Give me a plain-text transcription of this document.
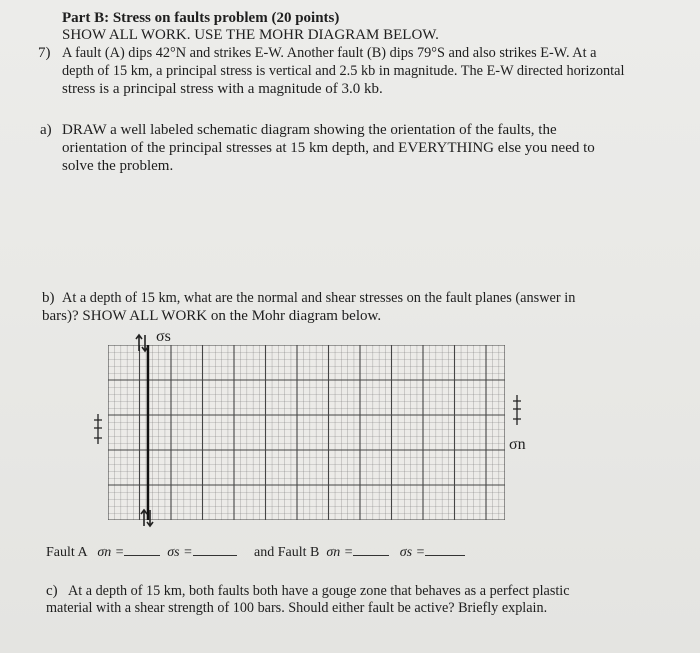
Part B: Stress on faults problem (20 points)
SHOW ALL WORK. USE THE MOHR DIAGRAM BELOW.
7) A fault (A) dips 42°N and strikes E-W. Another fault (B) dips 79°S and also strikes E-W. At a
depth of 15 km, a principal stress is vertical and 2.5 kb in magnitude. The E-W directed horizontal
stress is a principal stress with a magnitude of 3.0 kb.
a) DRAW a well labeled schematic diagram showing the orientation of the faults, the
orientation of the principal stresses at 15 km depth, and EVERYTHING else you need to
solve the problem.
b) At a depth of 15 km, what are the normal and shear stresses on the fault planes (answer in
bars)? SHOW ALL WORK on the Mohr diagram below.
σs
σn
Fault A σn =	σs =	and Fault B σn =	σs =
c) At a depth of 15 km, both faults both have a gouge zone that behaves as a perfect plastic
material with a shear strength of 100 bars. Should either fault be active? Briefly explain.
